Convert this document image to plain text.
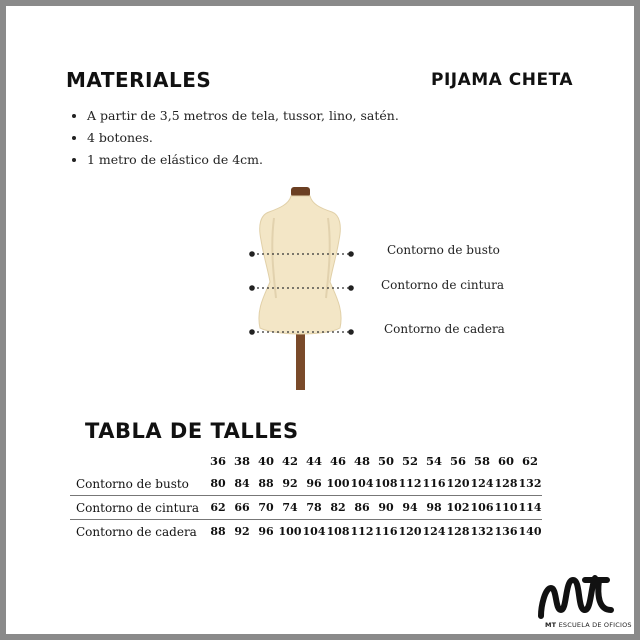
MATERIALES	PIJAMA CHETA
• A partir de 3,5 metros de tela, tussor, lino, satén.
• 4 botones.
• 1 metro de elástico de 4cm.
Contorno de busto
Contorno de cintura
Contorno de cadera
TABLA DE TALLES
	36	38	40	42	44	46	48	50	52	54	56	58	60	62
Contorno de busto	80	84	88	92	96	100	104	108	112	116	120	124	128	132
Contorno de cintura	62	66	70	74	78	82	86	90	94	98	102	106	110	114
Contorno de cadera	88	92	96	100	104	108	112	116	120	124	128	132	136	140
MT ESCUELA DE OFICIOS
